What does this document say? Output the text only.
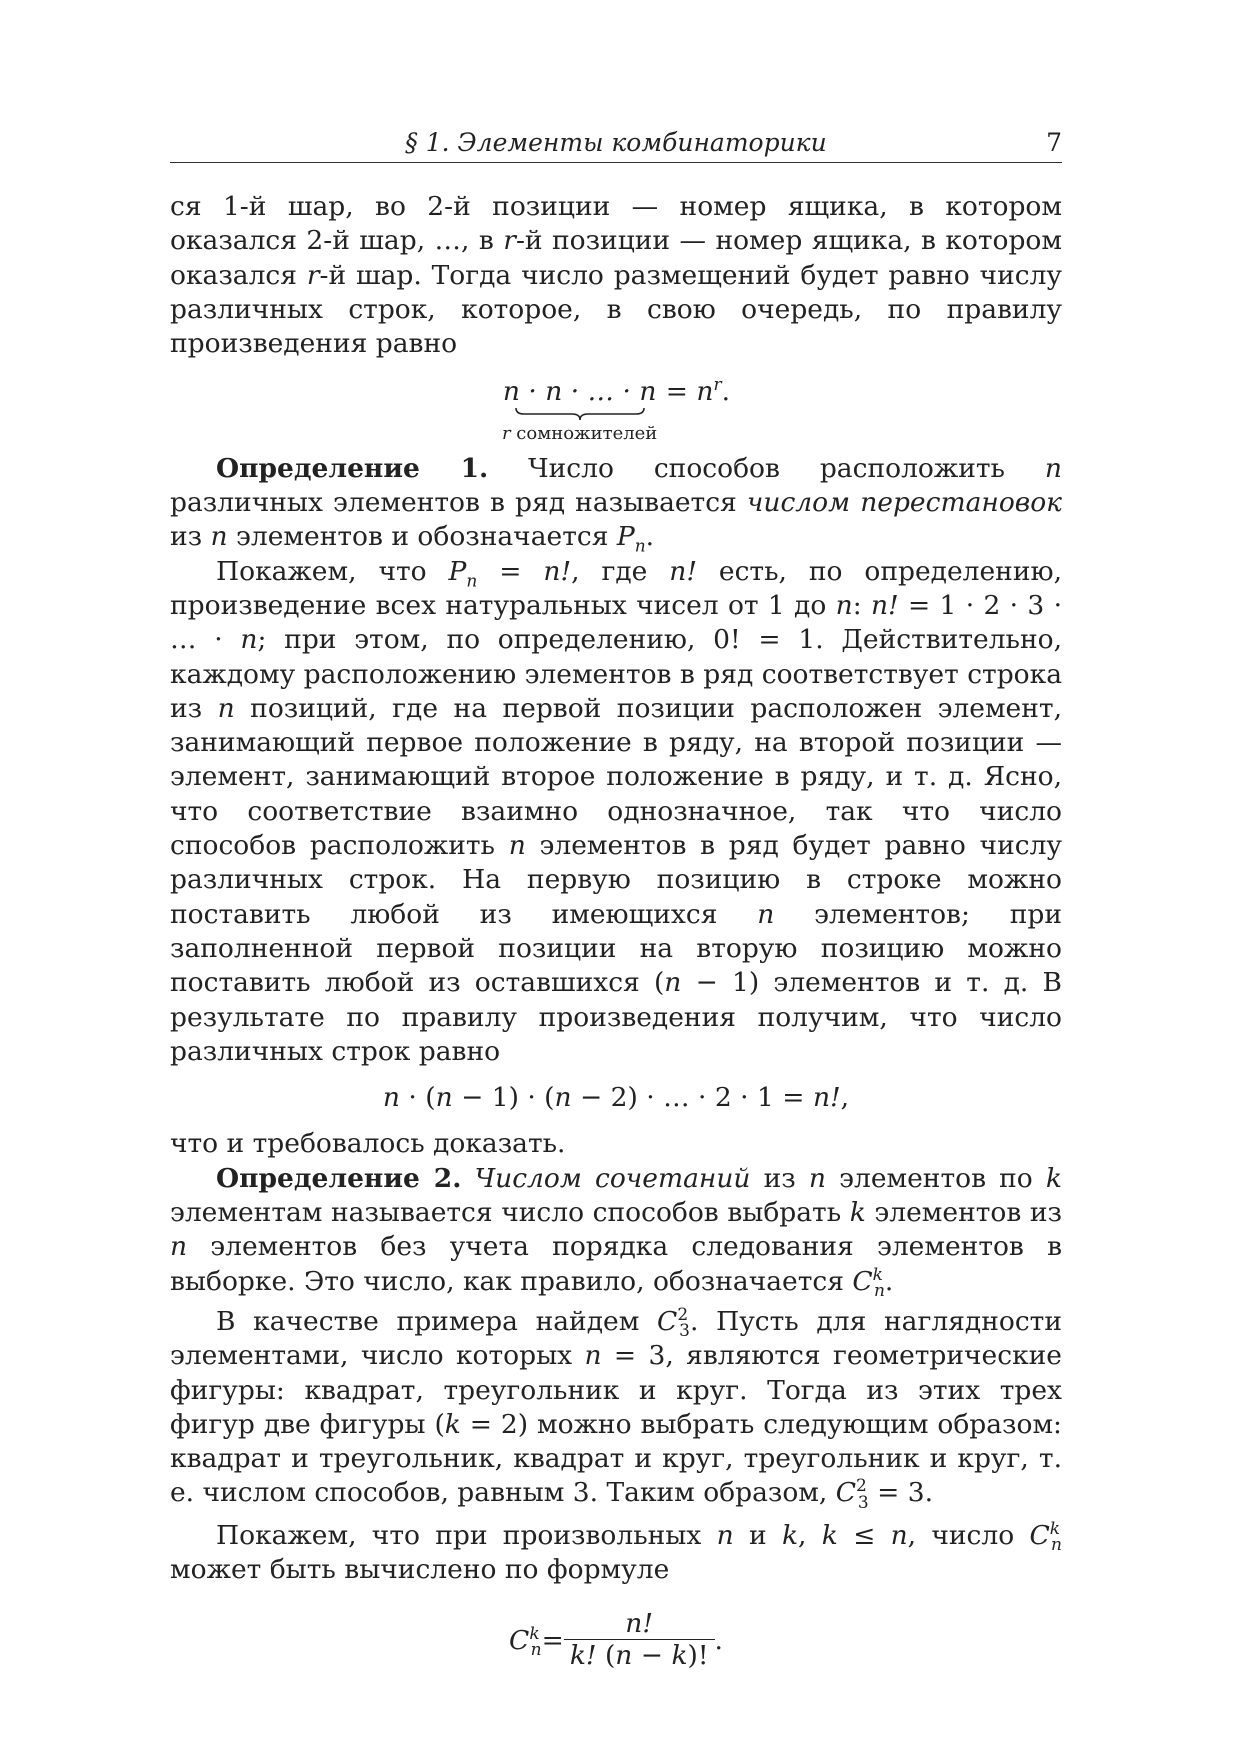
§ 1. Элементы комбинаторики	7

ся 1-й шар, во 2-й позиции — номер ящика, в котором оказался 2-й шар, …, в r-й позиции — номер ящика, в котором оказался r-й шар. Тогда число размещений будет равно числу различных строк, которое, в свою очередь, по правилу произведения равно

n · n · … · n
r сомножителей
= $n^r$.

Определение 1. Число способов расположить n различных элементов в ряд называется числом перестановок из n элементов и обозначается $P_n$.

Покажем, что $P_n = n$!, где n! есть, по определению, произведение всех натуральных чисел от 1 до n: n! = 1 · 2 · 3 · … · n; при этом, по определению, 0! = 1. Действительно, каждому расположению элементов в ряд соответствует строка из n позиций, где на первой позиции расположен элемент, занимающий первое положение в ряду, на второй позиции — элемент, занимающий второе положение в ряду, и т. д. Ясно, что соответствие взаимно однозначное, так что число способов расположить n элементов в ряд будет равно числу различных строк. На первую позицию в строке можно поставить любой из имеющихся n элементов; при заполненной первой позиции на вторую позицию можно поставить любой из оставшихся (n − 1) элементов и т. д. В результате по правилу произведения получим, что число различных строк равно

n · (n − 1) · (n − 2) · … · 2 · 1 = n!,

что и требовалось доказать.

Определение 2. Числом сочетаний из n элементов по k элементам называется число способов выбрать k элементов из n элементов без учета порядка следования элементов в выборке. Это число, как правило, обозначается $C^k_n$.

В качестве примера найдем $C^2_3$. Пусть для наглядности элементами, число которых n = 3, являются геометрические фигуры: квадрат, треугольник и круг. Тогда из этих трех фигур две фигуры (k = 2) можно выбрать следующим образом: квадрат и треугольник, квадрат и круг, треугольник и круг, т. е. числом способов, равным 3. Таким образом, $C^2_3 = 3$.

Покажем, что при произвольных n и k, k ≤ n, число $C^k_n$ может быть вычислено по формуле

$C^k_n= \frac{n!}{k! (n - k)!}$ .
